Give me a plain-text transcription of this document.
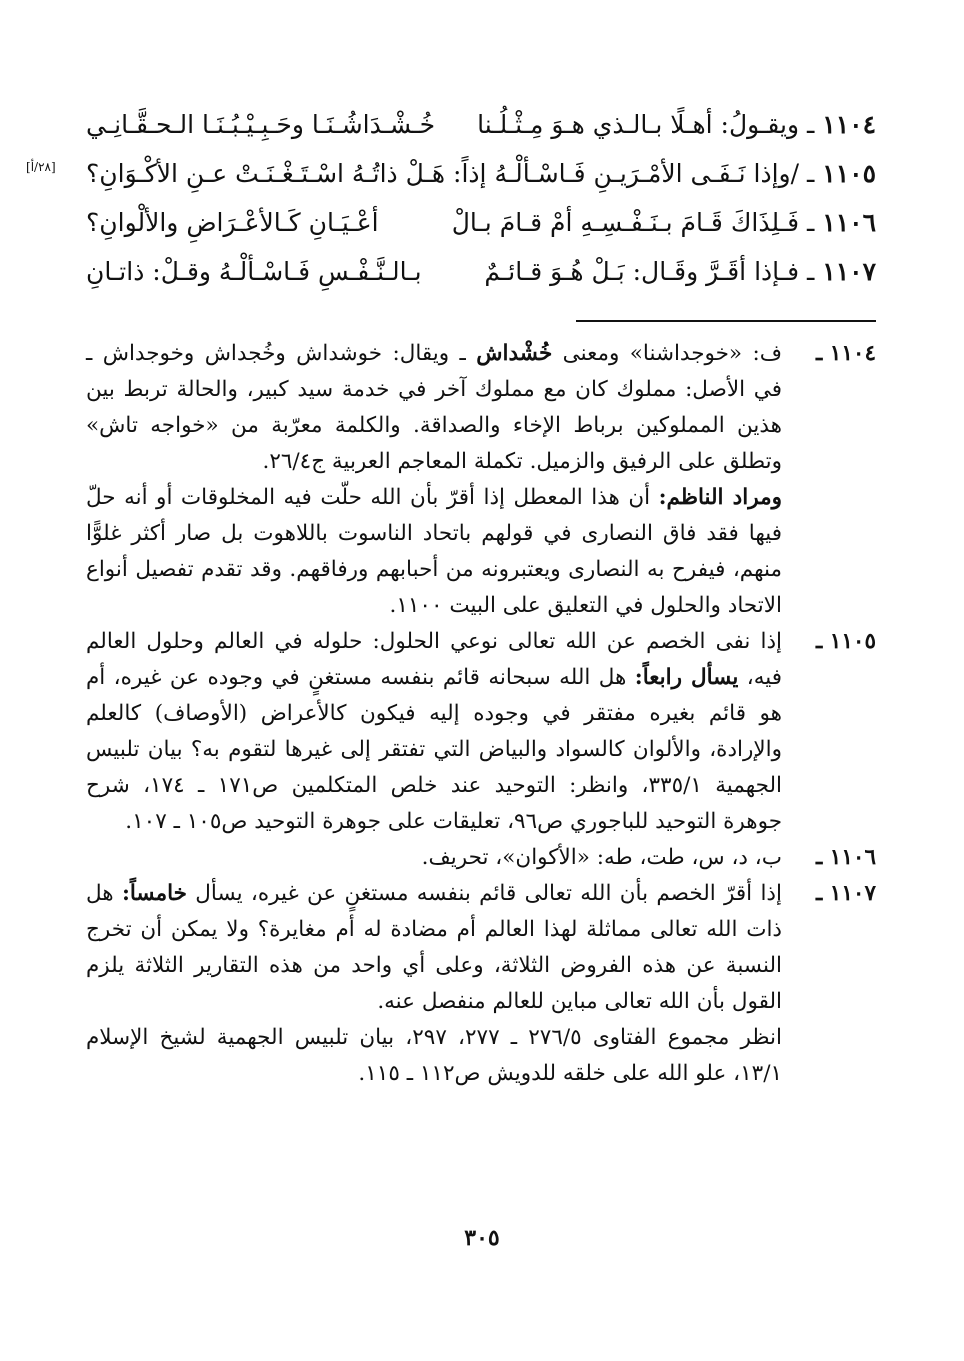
١١٠٤ ـ ويقـولُ: أهـلًا بـالـذي هـوَ مِـثْـلُـنا
خُـشْـدَاشُـنَـا وحَـبِـيْـبُـنَـا الـحـقَّـانِـي
١١٠٥ ـ /وإذا نَـفَـى الأمْـرَيـنِ فَـاسْـألْـهُ إذاً:
هَـلْ ذاتُـهُ اسْـتَـغْـنَـتْ عـنِ الأكْـوَانِ؟
[٢٨/أ]
١١٠٦ ـ فَـلِذَاكَ قَـامَ بـنَـفْـسِـهِ أمْ قـامَ بـالْ
أعْـيَـانِ كَـالأعْـرَاضِ والألْوانِ؟
١١٠٧ ـ فـإذا أقَـرَّ وقَـال: بَـلْ هُـوَ قـائـمٌ
بـالـنَّـفْـسِ فَـاسْـألْـهُ وقـلْ: ذاتـانِ
١١٠٤ ـ

ف: «خوجداشنا» ومعنى خُشْداش ـ ويقال: خوشداش وخُجداش وخوجداش ـ في الأصل: مملوك كان مع مملوك آخر في خدمة سيد كبير، والحالة تربط بين هذين المملوكين برباط الإخاء والصداقة. والكلمة معرّبة من «خواجه تاش» وتطلق على الرفيق والزميل. تكملة المعاجم العربية ج٢٦/٤.

ومراد الناظم: أن هذا المعطل إذا أقرّ بأن الله حلّت فيه المخلوقات أو أنه حلّ فيها فقد فاق النصارى في قولهم باتحاد الناسوت باللاهوت بل صار أكثر غلوًّا منهم، فيفرح به النصارى ويعتبرونه من أحبابهم ورفاقهم. وقد تقدم تفصيل أنواع الاتحاد والحلول في التعليق على البيت ١١٠٠.

١١٠٥ ـ

إذا نفى الخصم عن الله تعالى نوعي الحلول: حلوله في العالم وحلول العالم فيه، يسأل رابعاً: هل الله سبحانه قائم بنفسه مستغنٍ في وجوده عن غيره، أم هو قائم بغيره مفتقر في وجوده إليه فيكون كالأعراض (الأوصاف) كالعلم والإرادة، والألوان كالسواد والبياض التي تفتقر إلى غيرها لتقوم به؟ بيان تلبيس الجهمية ٣٣٥/١، وانظر: التوحيد عند خلص المتكلمين ص١٧١ ـ ١٧٤، شرح جوهرة التوحيد للباجوري ص٩٦، تعليقات على جوهرة التوحيد ص١٠٥ ـ ١٠٧.

١١٠٦ ـ

ب، د، س، طت، طه: «الأكوان»، تحريف.

١١٠٧ ـ

إذا أقرّ الخصم بأن الله تعالى قائم بنفسه مستغنٍ عن غيره، يسأل خامساً: هل ذات الله تعالى مماثلة لهذا العالم أم مضادة له أم مغايرة؟ ولا يمكن أن تخرج النسبة عن هذه الفروض الثلاثة، وعلى أي واحد من هذه التقارير الثلاثة يلزم القول بأن الله تعالى مباين للعالم منفصل عنه.

انظر مجموع الفتاوى ٢٧٦/٥ ـ ٢٧٧، ٢٩٧، بيان تلبيس الجهمية لشيخ الإسلام ١٣/١، علو الله على خلقه للدويش ص١١٢ ـ ١١٥.

٣٠٥
